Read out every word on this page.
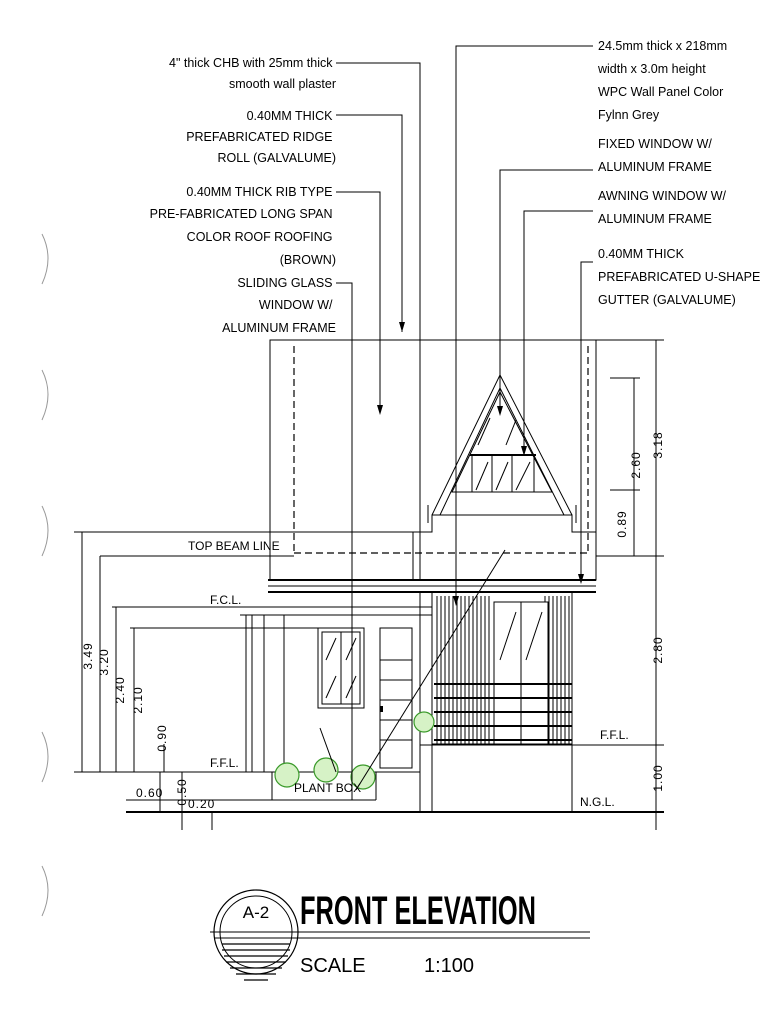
4" thick CHB with 25mm thick smooth wall plaster
0.40MM THICK PREFABRICATED RIDGE ROLL (GALVALUME)
0.40MM THICK RIB TYPE PRE-FABRICATED LONG SPAN COLOR ROOF ROOFING (BROWN)
SLIDING GLASS WINDOW W/ ALUMINUM FRAME
24.5mm thick x 218mm width x 3.0m height WPC Wall Panel Color Fylnn Grey
FIXED WINDOW W/ ALUMINUM FRAME
AWNING WINDOW W/ ALUMINUM FRAME
0.40MM THICK PREFABRICATED U-SHAPE GUTTER (GALVALUME)
TOP BEAM LINE
F.C.L.
F.F.L.
F.F.L.
N.G.L.
PLANT BOX
3.49 3.20
2.40 2.10
0.90
0.50
0.60
0.20
3.18
2.60
0.89
2.80
1.00
A-2 FRONT ELEVATION
SCALE	1:100
